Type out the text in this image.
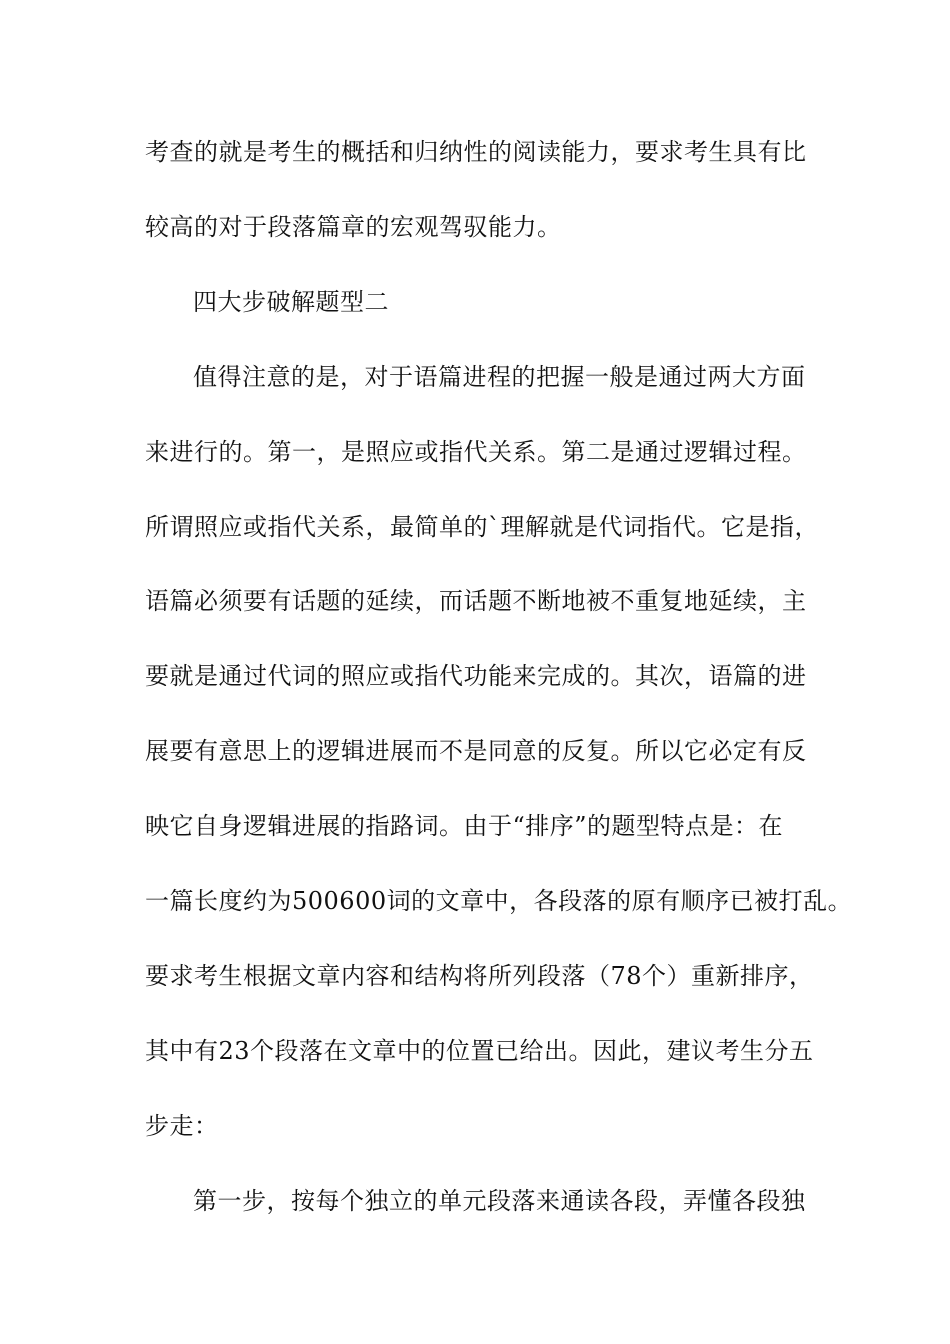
考查的就是考生的概括和归纳性的阅读能力，要求考生具有比
较高的对于段落篇章的宏观驾驭能力。
四大步破解题型二
值得注意的是，对于语篇进程的把握一般是通过两大方面
来进行的。第一，是照应或指代关系。第二是通过逻辑过程。
所谓照应或指代关系，最简单的`理解就是代词指代。它是指，
语篇必须要有话题的延续，而话题不断地被不重复地延续，主
要就是通过代词的照应或指代功能来完成的。其次，语篇的进
展要有意思上的逻辑进展而不是同意的反复。所以它必定有反
映它自身逻辑进展的指路词。由于“排序”的题型特点是：在
一篇长度约为500600词的文章中，各段落的原有顺序已被打乱。
要求考生根据文章内容和结构将所列段落（78个）重新排序，
其中有23个段落在文章中的位置已给出。因此，建议考生分五
步走：
第一步，按每个独立的单元段落来通读各段，弄懂各段独
